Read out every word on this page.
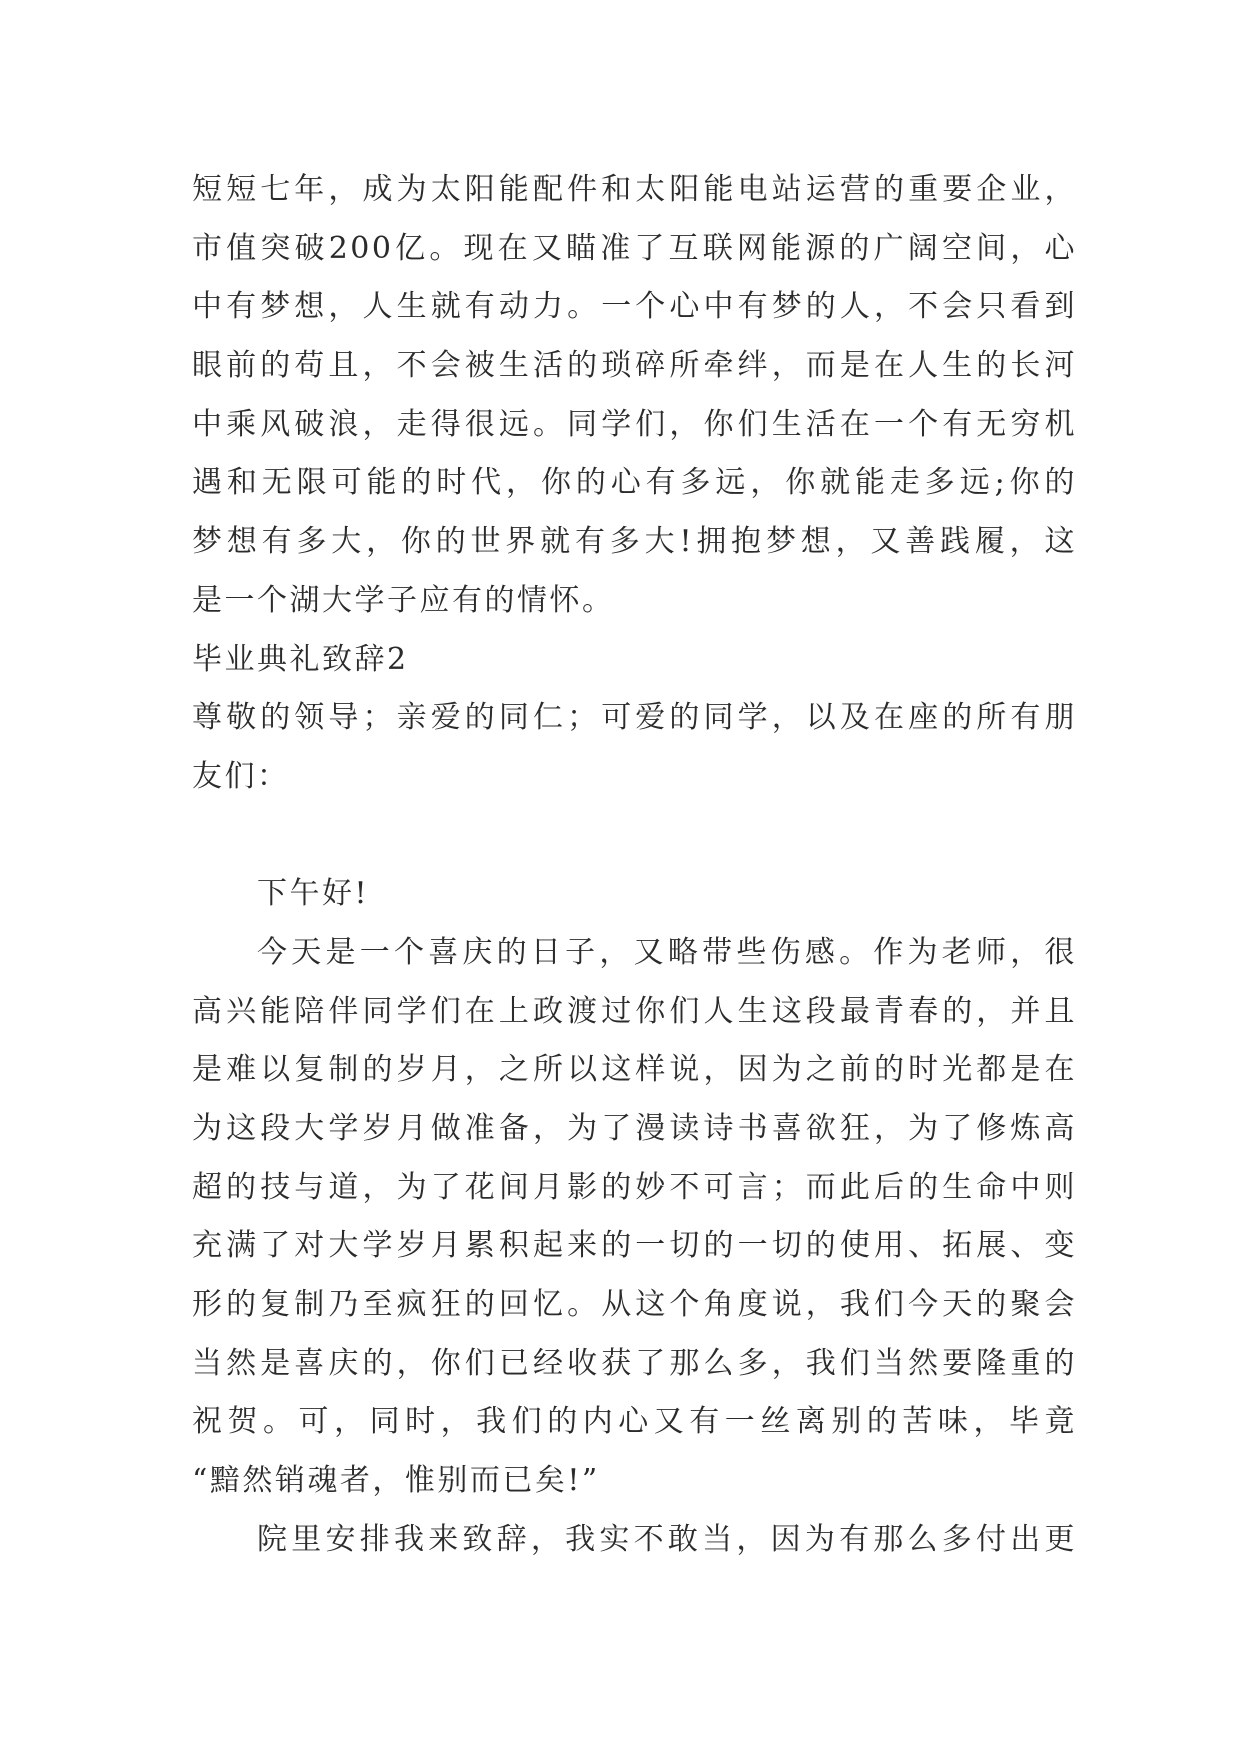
短短七年，成为太阳能配件和太阳能电站运营的重要企业，
市值突破200亿。现在又瞄准了互联网能源的广阔空间，心
中有梦想，人生就有动力。一个心中有梦的人，不会只看到
眼前的苟且，不会被生活的琐碎所牵绊，而是在人生的长河
中乘风破浪，走得很远。同学们，你们生活在一个有无穷机
遇和无限可能的时代，你的心有多远，你就能走多远;你的
梦想有多大，你的世界就有多大!拥抱梦想，又善践履，这
是一个湖大学子应有的情怀。
毕业典礼致辞2
尊敬的领导；亲爱的同仁；可爱的同学，以及在座的所有朋
友们：
下午好!
今天是一个喜庆的日子，又略带些伤感。作为老师，很
高兴能陪伴同学们在上政渡过你们人生这段最青春的，并且
是难以复制的岁月，之所以这样说，因为之前的时光都是在
为这段大学岁月做准备，为了漫读诗书喜欲狂，为了修炼高
超的技与道，为了花间月影的妙不可言；而此后的生命中则
充满了对大学岁月累积起来的一切的一切的使用、拓展、变
形的复制乃至疯狂的回忆。从这个角度说，我们今天的聚会
当然是喜庆的，你们已经收获了那么多，我们当然要隆重的
祝贺。可，同时，我们的内心又有一丝离别的苦味，毕竟
“黯然销魂者，惟别而已矣!”
院里安排我来致辞，我实不敢当，因为有那么多付出更
